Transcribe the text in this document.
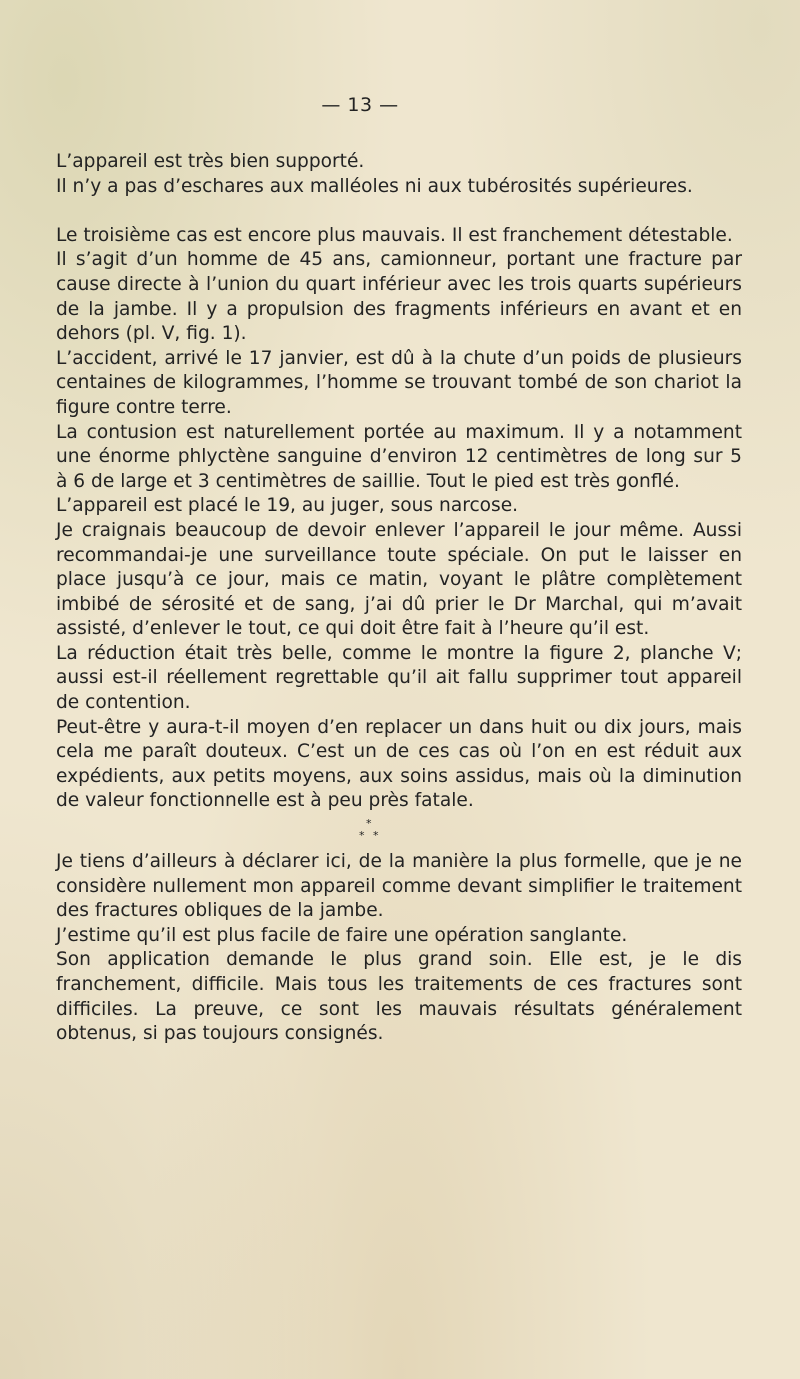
— 13 —

L’appareil est très bien supporté.

Il n’y a pas d’eschares aux malléoles ni aux tubérosités supérieures.

Le troisième cas est encore plus mauvais. Il est franchement détestable.

Il s’agit d’un homme de 45 ans, camionneur, portant une fracture par cause directe à l’union du quart inférieur avec les trois quarts supérieurs de la jambe. Il y a propulsion des fragments inférieurs en avant et en dehors (pl. V, fig. 1).

L’accident, arrivé le 17 janvier, est dû à la chute d’un poids de plusieurs centaines de kilogrammes, l’homme se trouvant tombé de son chariot la figure contre terre.

La contusion est naturellement portée au maximum. Il y a notamment une énorme phlyctène sanguine d’environ 12 centimètres de long sur 5 à 6 de large et 3 centimètres de saillie. Tout le pied est très gonflé.

L’appareil est placé le 19, au juger, sous narcose.

Je craignais beaucoup de devoir enlever l’appareil le jour même. Aussi recommandai-je une surveillance toute spéciale. On put le laisser en place jusqu’à ce jour, mais ce matin, voyant le plâtre complètement imbibé de sérosité et de sang, j’ai dû prier le Dr Marchal, qui m’avait assisté, d’enlever le tout, ce qui doit être fait à l’heure qu’il est.

La réduction était très belle, comme le montre la figure 2, planche V; aussi est-il réellement regrettable qu’il ait fallu supprimer tout appareil de contention.

Peut-être y aura-t-il moyen d’en replacer un dans huit ou dix jours, mais cela me paraît douteux. C’est un de ces cas où l’on en est réduit aux expédients, aux petits moyens, aux soins assidus, mais où la diminution de valeur fonctionnelle est à peu près fatale.

*
* *

Je tiens d’ailleurs à déclarer ici, de la manière la plus formelle, que je ne considère nullement mon appareil comme devant simplifier le traitement des fractures obliques de la jambe.

J’estime qu’il est plus facile de faire une opération sanglante.

Son application demande le plus grand soin. Elle est, je le dis franchement, difficile. Mais tous les traitements de ces fractures sont difficiles. La preuve, ce sont les mauvais résultats généralement obtenus, si pas toujours consignés.
